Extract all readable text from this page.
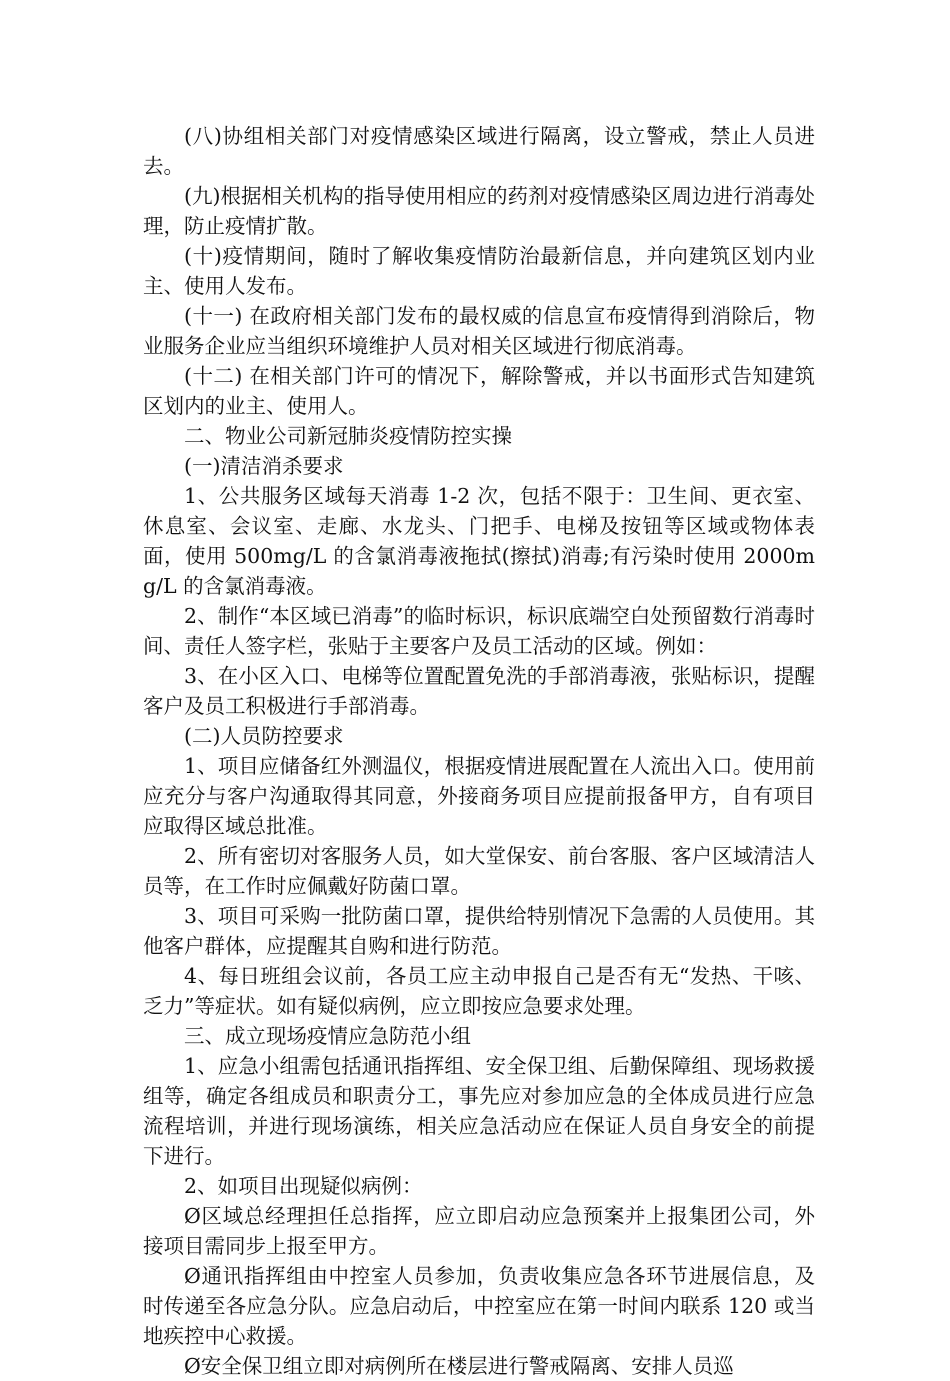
(八)协组相关部门对疫情感染区域进行隔离，设立警戒，禁止人员进去。

(九)根据相关机构的指导使用相应的药剂对疫情感染区周边进行消毒处理，防止疫情扩散。

(十)疫情期间，随时了解收集疫情防治最新信息，并向建筑区划内业主、使用人发布。

(十一) 在政府相关部门发布的最权威的信息宣布疫情得到消除后，物业服务企业应当组织环境维护人员对相关区域进行彻底消毒。

(十二) 在相关部门许可的情况下，解除警戒，并以书面形式告知建筑区划内的业主、使用人。

二、物业公司新冠肺炎疫情防控实操

(一)清洁消杀要求

1、公共服务区域每天消毒 1-2 次，包括不限于：卫生间、更衣室、休息室、会议室、走廊、水龙头、门把手、电梯及按钮等区域或物体表面，使用 500mg/L 的含氯消毒液拖拭(擦拭)消毒;有污染时使用 2000mg/L 的含氯消毒液。

2、制作“本区域已消毒”的临时标识，标识底端空白处预留数行消毒时间、责任人签字栏，张贴于主要客户及员工活动的区域。例如：

3、在小区入口、电梯等位置配置免洗的手部消毒液，张贴标识，提醒客户及员工积极进行手部消毒。

(二)人员防控要求

1、项目应储备红外测温仪，根据疫情进展配置在人流出入口。使用前应充分与客户沟通取得其同意，外接商务项目应提前报备甲方，自有项目应取得区域总批准。

2、所有密切对客服务人员，如大堂保安、前台客服、客户区域清洁人员等，在工作时应佩戴好防菌口罩。

3、项目可采购一批防菌口罩，提供给特别情况下急需的人员使用。其他客户群体，应提醒其自购和进行防范。

4、每日班组会议前，各员工应主动申报自己是否有无“发热、干咳、乏力”等症状。如有疑似病例，应立即按应急要求处理。

三、成立现场疫情应急防范小组

1、应急小组需包括通讯指挥组、安全保卫组、后勤保障组、现场救援组等，确定各组成员和职责分工，事先应对参加应急的全体成员进行应急流程培训，并进行现场演练，相关应急活动应在保证人员自身安全的前提下进行。

2、如项目出现疑似病例：

Ø区域总经理担任总指挥，应立即启动应急预案并上报集团公司，外接项目需同步上报至甲方。

Ø通讯指挥组由中控室人员参加，负责收集应急各环节进展信息，及时传递至各应急分队。应急启动后，中控室应在第一时间内联系 120 或当地疾控中心救援。

Ø安全保卫组立即对病例所在楼层进行警戒隔离、安排人员巡
